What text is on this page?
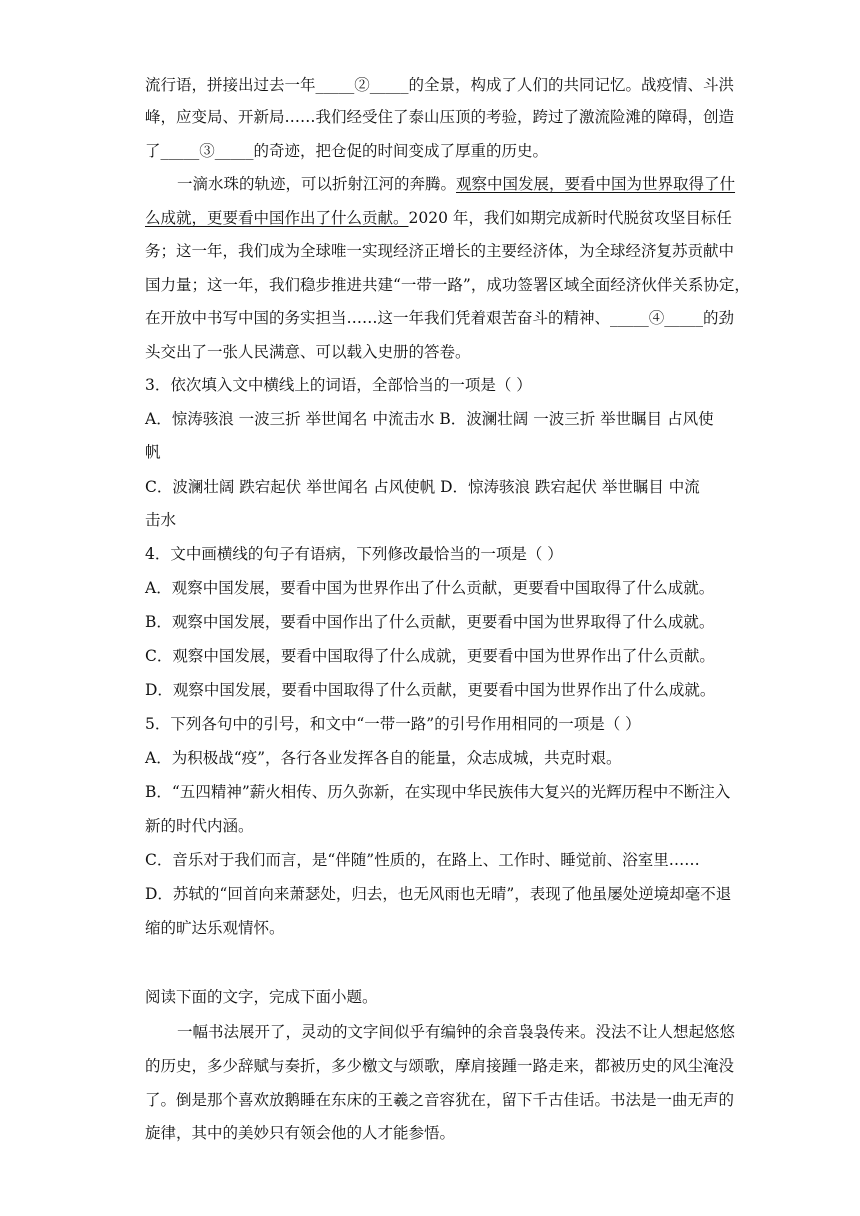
流行语，拼接出过去一年_____②_____的全景，构成了人们的共同记忆。战疫情、斗洪
峰，应变局、开新局……我们经受住了泰山压顶的考验，跨过了激流险滩的障碍，创造
了_____③_____的奇迹，把仓促的时间变成了厚重的历史。
一滴水珠的轨迹，可以折射江河的奔腾。观察中国发展，要看中国为世界取得了什
么成就，更要看中国作出了什么贡献。2020 年，我们如期完成新时代脱贫攻坚目标任
务；这一年，我们成为全球唯一实现经济正增长的主要经济体，为全球经济复苏贡献中
国力量；这一年，我们稳步推进共建“一带一路”，成功签署区域全面经济伙伴关系协定，
在开放中书写中国的务实担当……这一年我们凭着艰苦奋斗的精神、_____④_____的劲
头交出了一张人民满意、可以载入史册的答卷。
3．依次填入文中横线上的词语，全部恰当的一项是（ ）
A．惊涛骇浪 一波三折 举世闻名 中流击水 B．波澜壮阔 一波三折 举世瞩目 占风使
帆
C．波澜壮阔 跌宕起伏 举世闻名 占风使帆 D．惊涛骇浪 跌宕起伏 举世瞩目 中流
击水
4．文中画横线的句子有语病，下列修改最恰当的一项是（ ）
A．观察中国发展，要看中国为世界作出了什么贡献，更要看中国取得了什么成就。
B．观察中国发展，要看中国作出了什么贡献，更要看中国为世界取得了什么成就。
C．观察中国发展，要看中国取得了什么成就，更要看中国为世界作出了什么贡献。
D．观察中国发展，要看中国取得了什么贡献，更要看中国为世界作出了什么成就。
5．下列各句中的引号，和文中“一带一路”的引号作用相同的一项是（ ）
A．为积极战“疫”，各行各业发挥各自的能量，众志成城，共克时艰。
B．“五四精神”薪火相传、历久弥新，在实现中华民族伟大复兴的光辉历程中不断注入
新的时代内涵。
C．音乐对于我们而言，是“伴随”性质的，在路上、工作时、睡觉前、浴室里……
D．苏轼的“回首向来萧瑟处，归去，也无风雨也无晴”，表现了他虽屡处逆境却毫不退
缩的旷达乐观情怀。
阅读下面的文字，完成下面小题。
一幅书法展开了，灵动的文字间似乎有编钟的余音袅袅传来。没法不让人想起悠悠
的历史，多少辞赋与奏折，多少檄文与颂歌，摩肩接踵一路走来，都被历史的风尘淹没
了。倒是那个喜欢放鹅睡在东床的王羲之音容犹在，留下千古佳话。书法是一曲无声的
旋律，其中的美妙只有领会他的人才能参悟。
